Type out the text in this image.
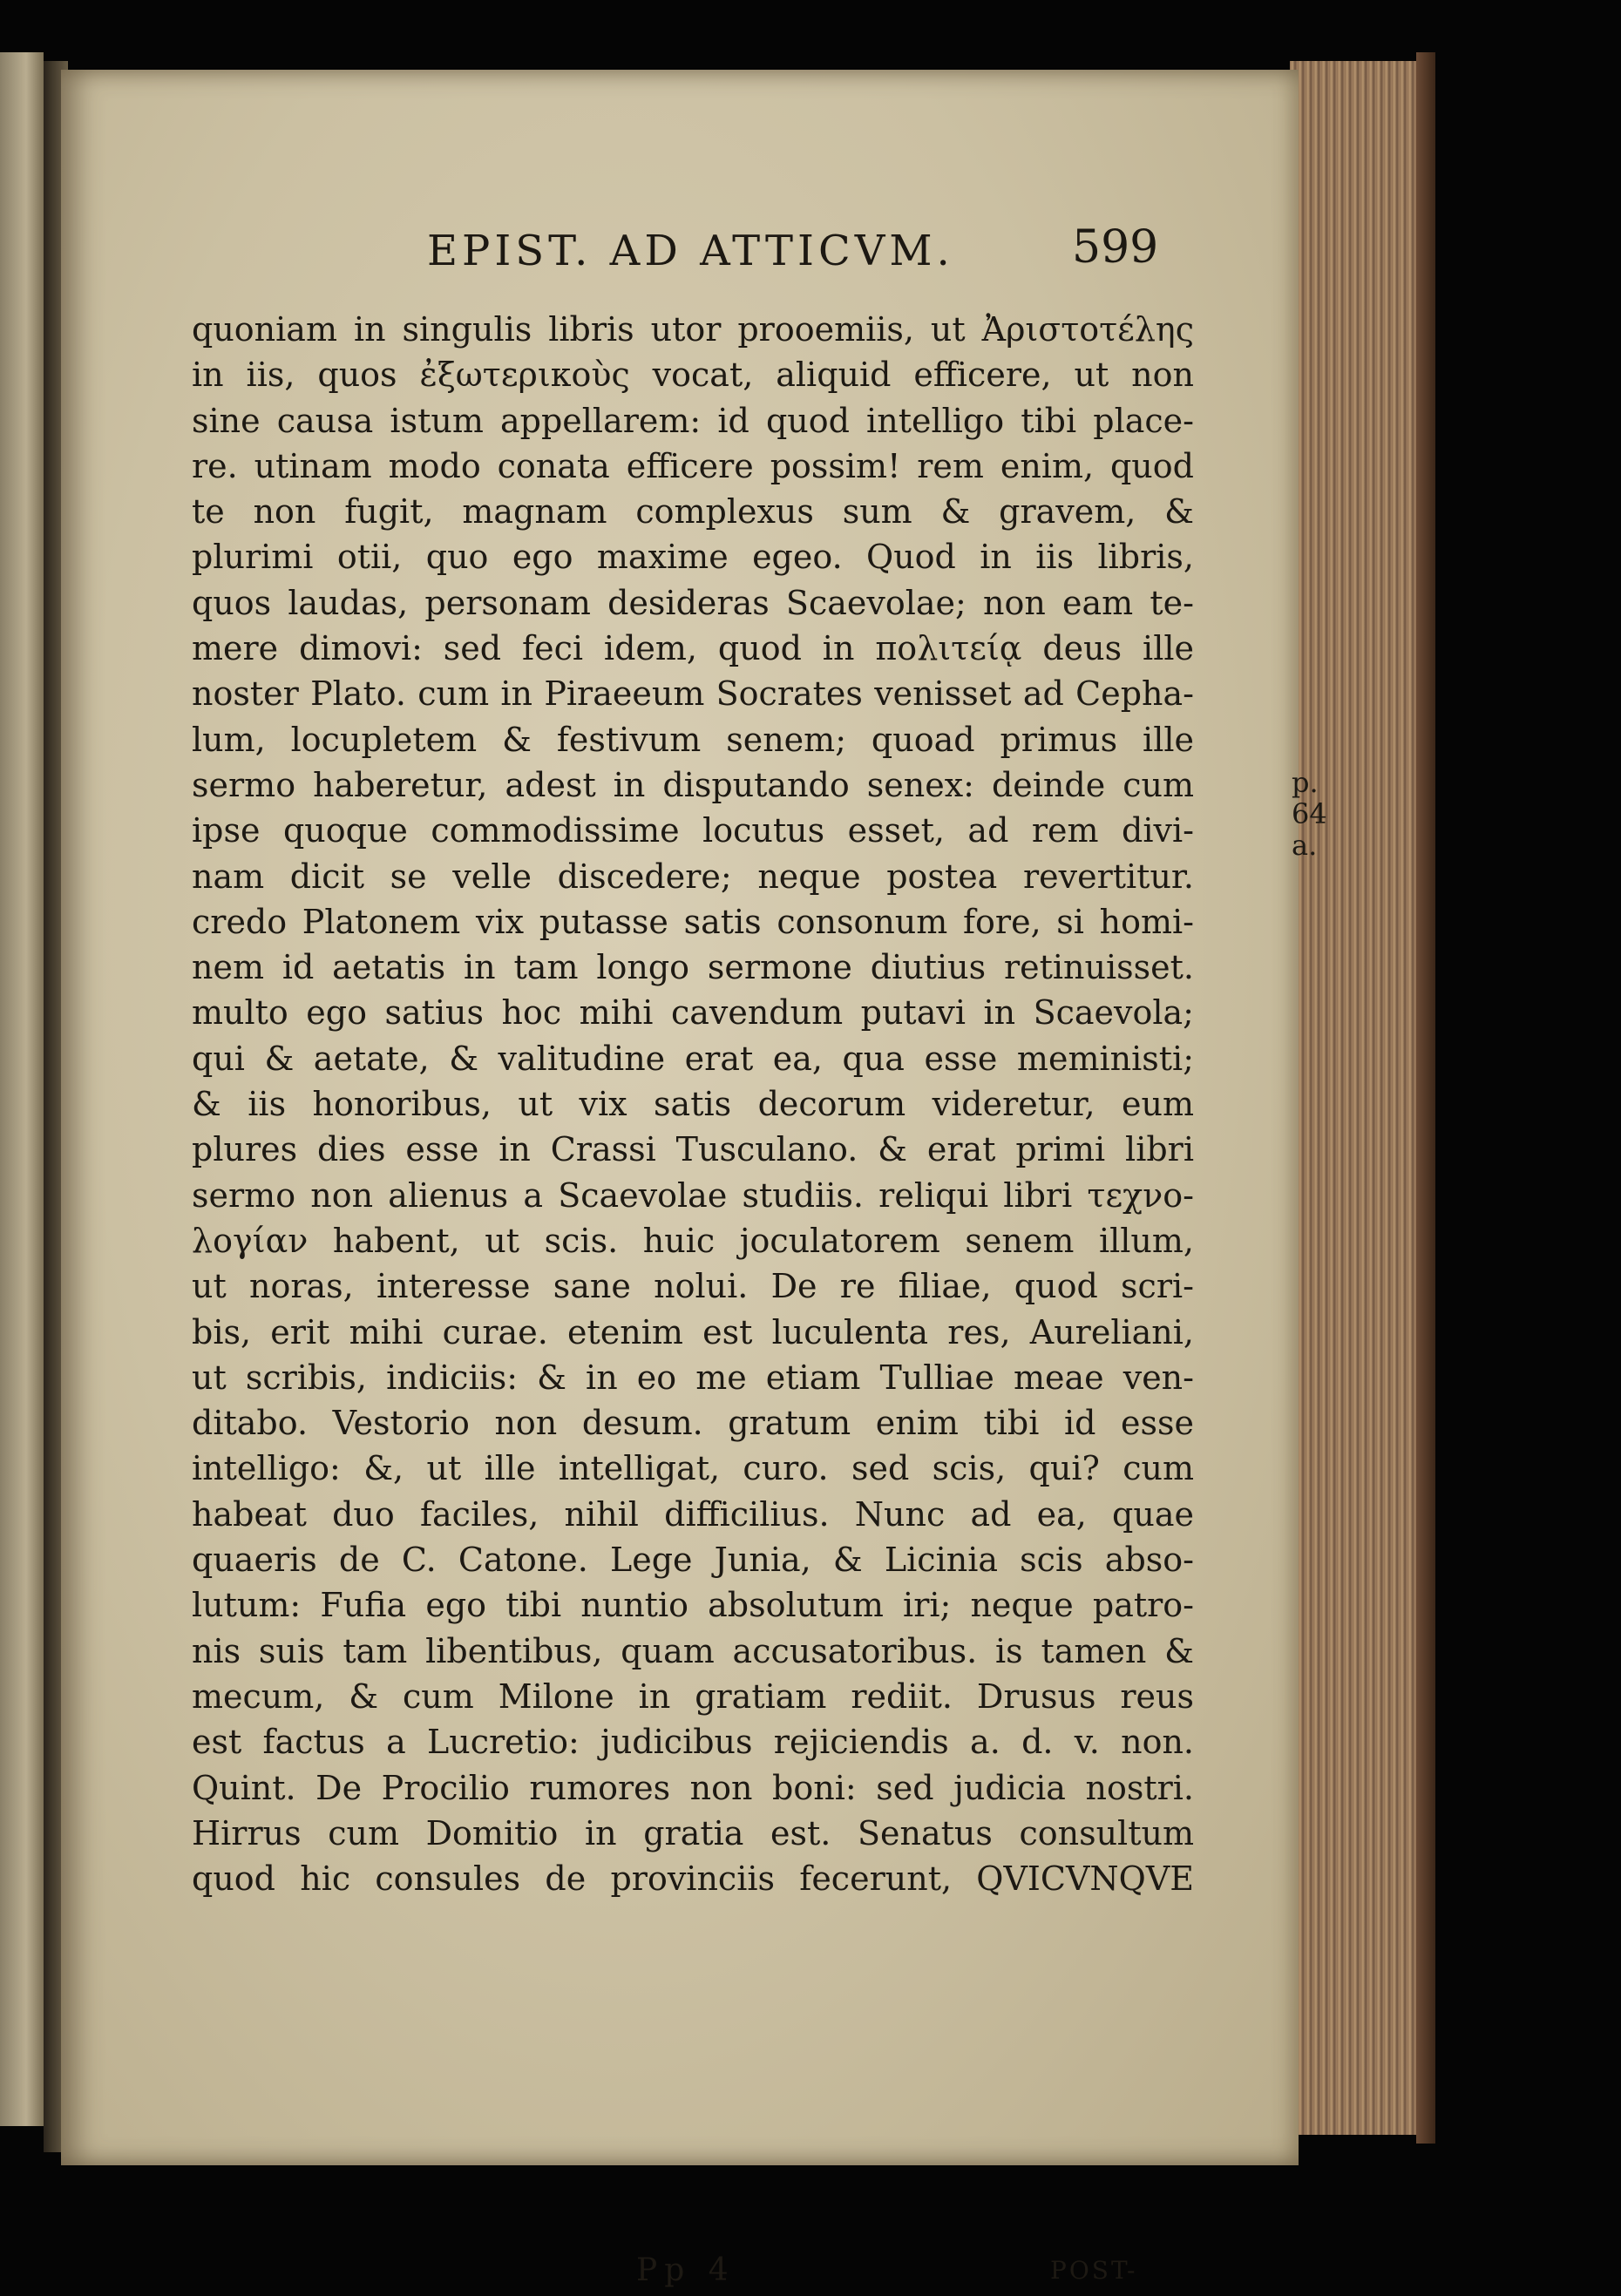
EPIST. AD ATTICVM.	599
quoniam in singulis libris utor prooemiis, ut Ἀριστοτέλης
in iis, quos ἐξωτερικοὺς vocat, aliquid efficere, ut non
sine causa istum appellarem: id quod intelligo tibi place-
re. utinam modo conata efficere possim! rem enim, quod
te non fugit, magnam complexus sum & gravem, &
plurimi otii, quo ego maxime egeo. Quod in iis libris,
quos laudas, personam desideras Scaevolae; non eam te-
mere dimovi: sed feci idem, quod in πολιτείᾳ deus ille
noster Plato. cum in Piraeeum Socrates venisset ad Cepha-
lum, locupletem & festivum senem; quoad primus ille
sermo haberetur, adest in disputando senex: deinde cum
ipse quoque commodissime locutus esset, ad rem divi-
nam dicit se velle discedere; neque postea revertitur.
credo Platonem vix putasse satis consonum fore, si homi-
nem id aetatis in tam longo sermone diutius retinuisset.
multo ego satius hoc mihi cavendum putavi in Scaevola;
qui & aetate, & valitudine erat ea, qua esse meministi;
& iis honoribus, ut vix satis decorum videretur, eum
plures dies esse in Crassi Tusculano. & erat primi libri
sermo non alienus a Scaevolae studiis. reliqui libri τεχνο-
λογίαν habent, ut scis. huic joculatorem senem illum,
ut noras, interesse sane nolui. De re filiae, quod scri-
bis, erit mihi curae. etenim est luculenta res, Aureliani,
ut scribis, indiciis: & in eo me etiam Tulliae meae ven-
ditabo. Vestorio non desum. gratum enim tibi id esse
intelligo: &, ut ille intelligat, curo. sed scis, qui? cum
habeat duo faciles, nihil difficilius. Nunc ad ea, quae
quaeris de C. Catone. Lege Junia, & Licinia scis abso-
lutum: Fufia ego tibi nuntio absolutum iri; neque patro-
nis suis tam libentibus, quam accusatoribus. is tamen &
mecum, & cum Milone in gratiam rediit. Drusus reus
est factus a Lucretio: judicibus rejiciendis a. d. v. non.
Quint. De Procilio rumores non boni: sed judicia nostri.
Hirrus cum Domitio in gratia est. Senatus consultum
quod hic consules de provinciis fecerunt, QVICVNQVE
p. 64
a.
Pp 4	POST-
